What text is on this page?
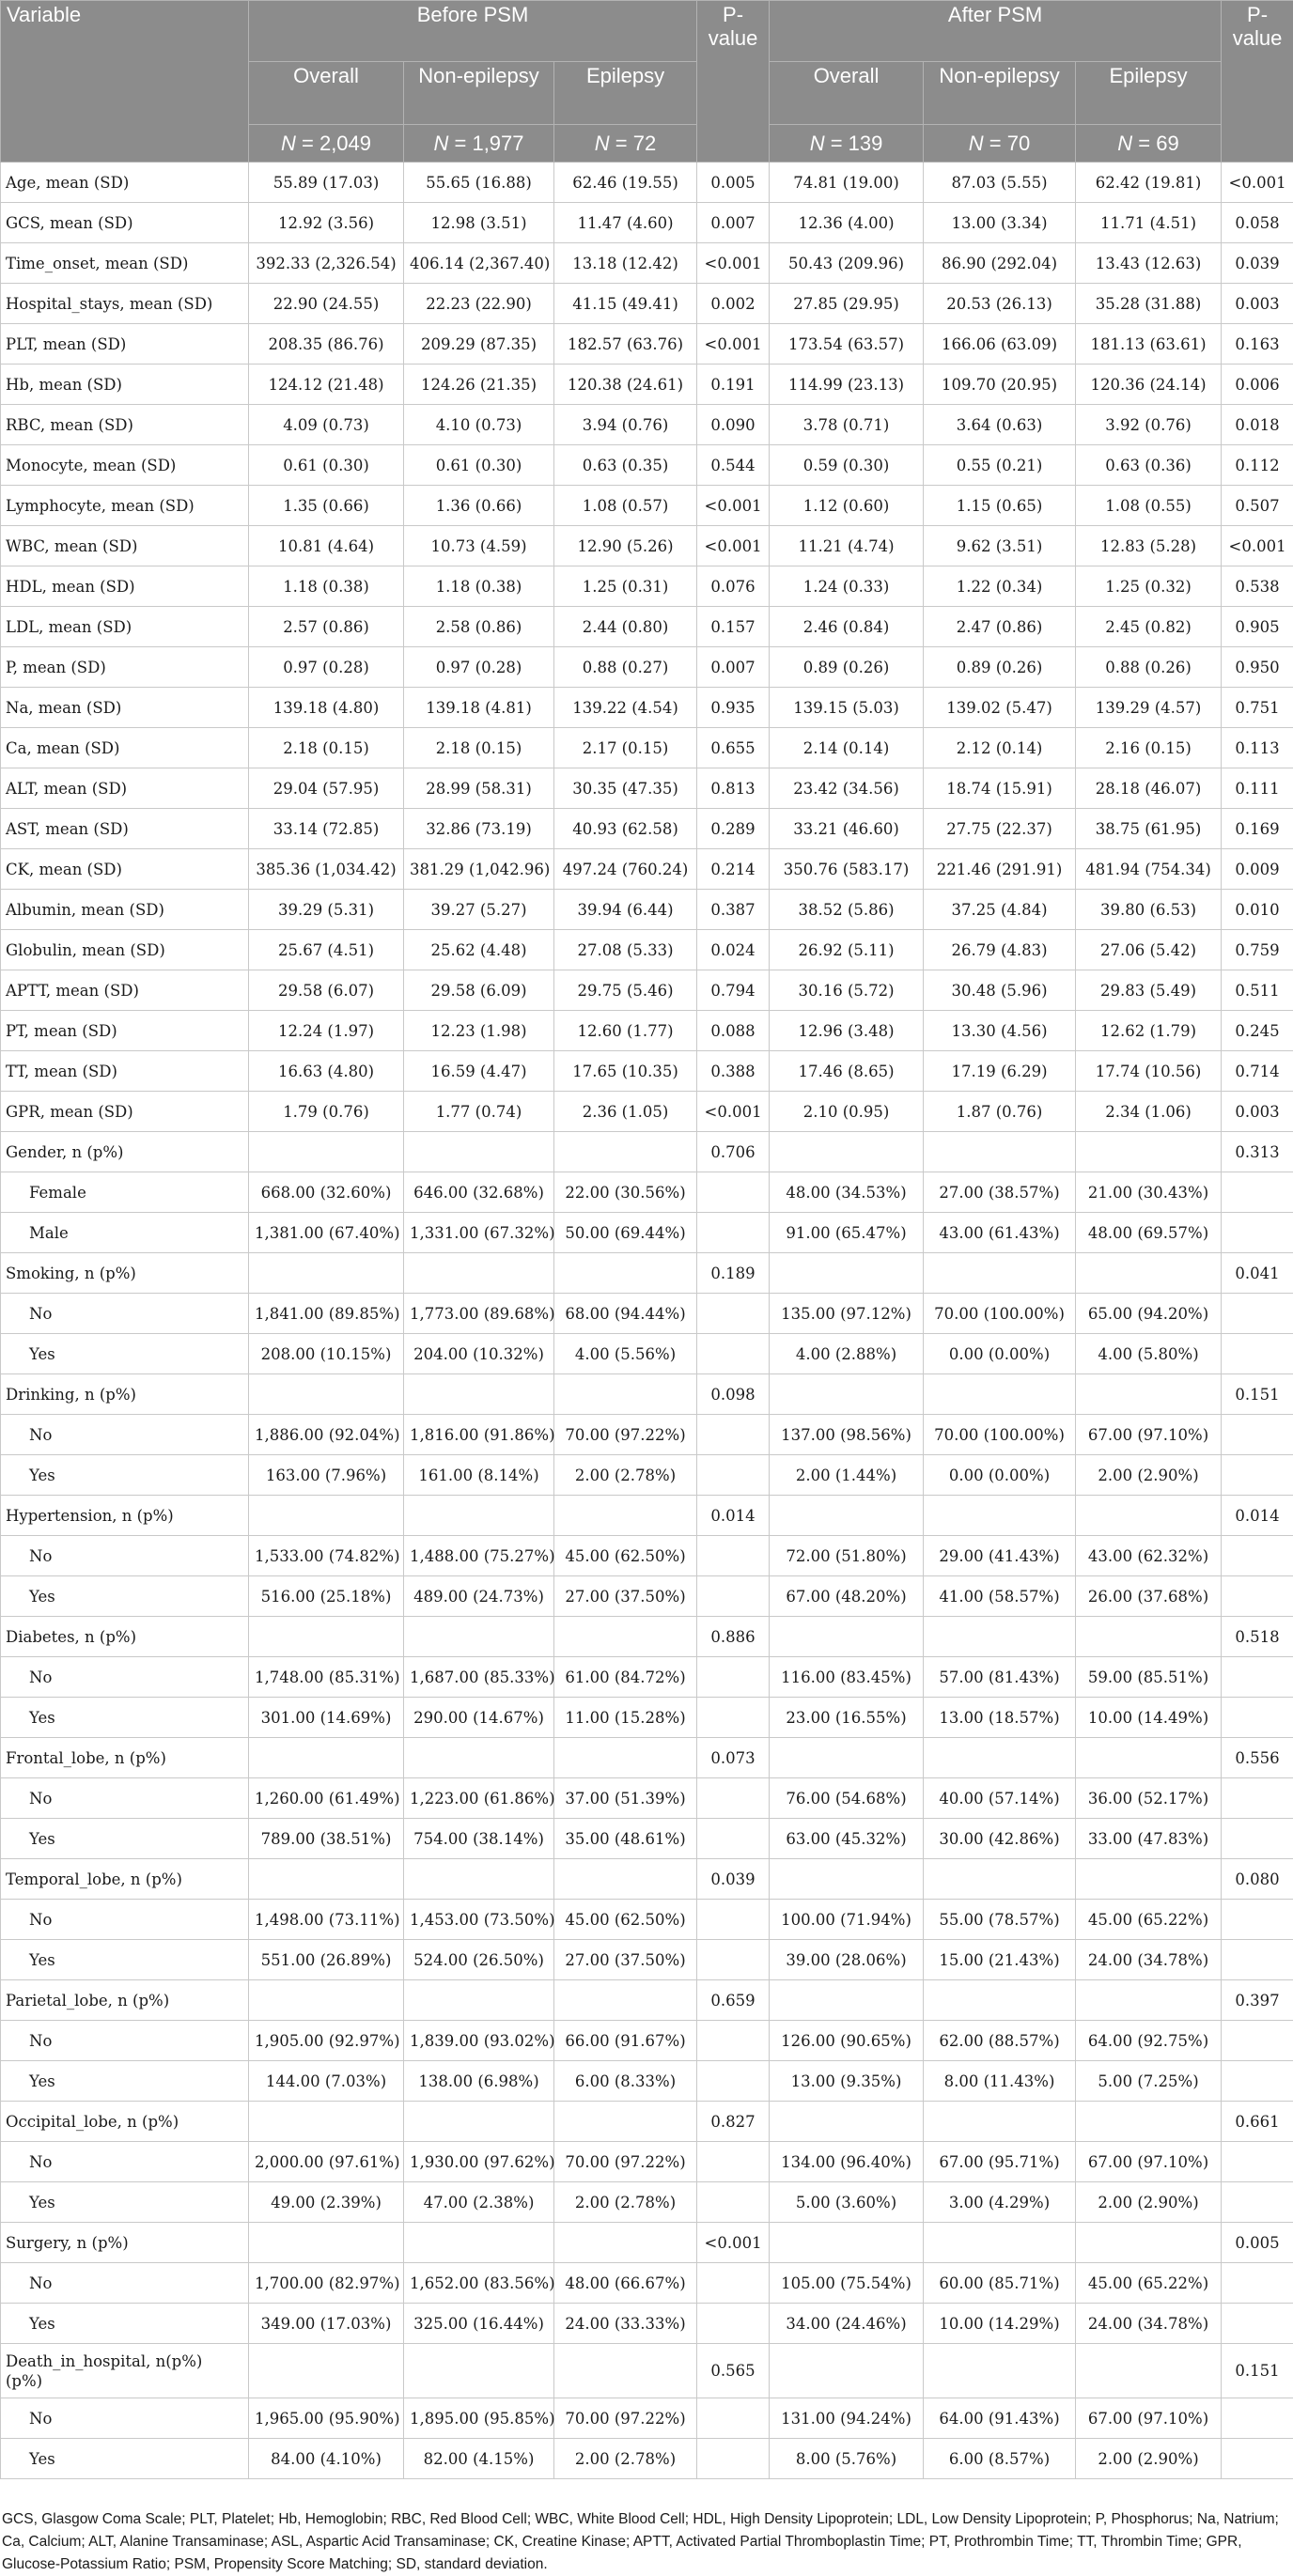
Variable	Before PSM			P-value	After PSM			P-value
	Overall	Non-epilepsy	Epilepsy		Overall	Non-epilepsy	Epilepsy	
	N = 2,049	N = 1,977	N = 72		N = 139	N = 70	N = 69	
Age, mean (SD)	55.89 (17.03)	55.65 (16.88)	62.46 (19.55)	0.005	74.81 (19.00)	87.03 (5.55)	62.42 (19.81)	<0.001
GCS, mean (SD)	12.92 (3.56)	12.98 (3.51)	11.47 (4.60)	0.007	12.36 (4.00)	13.00 (3.34)	11.71 (4.51)	0.058
Time_onset, mean (SD)	392.33 (2,326.54)	406.14 (2,367.40)	13.18 (12.42)	<0.001	50.43 (209.96)	86.90 (292.04)	13.43 (12.63)	0.039
Hospital_stays, mean (SD)	22.90 (24.55)	22.23 (22.90)	41.15 (49.41)	0.002	27.85 (29.95)	20.53 (26.13)	35.28 (31.88)	0.003
PLT, mean (SD)	208.35 (86.76)	209.29 (87.35)	182.57 (63.76)	<0.001	173.54 (63.57)	166.06 (63.09)	181.13 (63.61)	0.163
Hb, mean (SD)	124.12 (21.48)	124.26 (21.35)	120.38 (24.61)	0.191	114.99 (23.13)	109.70 (20.95)	120.36 (24.14)	0.006
RBC, mean (SD)	4.09 (0.73)	4.10 (0.73)	3.94 (0.76)	0.090	3.78 (0.71)	3.64 (0.63)	3.92 (0.76)	0.018
Monocyte, mean (SD)	0.61 (0.30)	0.61 (0.30)	0.63 (0.35)	0.544	0.59 (0.30)	0.55 (0.21)	0.63 (0.36)	0.112
Lymphocyte, mean (SD)	1.35 (0.66)	1.36 (0.66)	1.08 (0.57)	<0.001	1.12 (0.60)	1.15 (0.65)	1.08 (0.55)	0.507
WBC, mean (SD)	10.81 (4.64)	10.73 (4.59)	12.90 (5.26)	<0.001	11.21 (4.74)	9.62 (3.51)	12.83 (5.28)	<0.001
HDL, mean (SD)	1.18 (0.38)	1.18 (0.38)	1.25 (0.31)	0.076	1.24 (0.33)	1.22 (0.34)	1.25 (0.32)	0.538
LDL, mean (SD)	2.57 (0.86)	2.58 (0.86)	2.44 (0.80)	0.157	2.46 (0.84)	2.47 (0.86)	2.45 (0.82)	0.905
P, mean (SD)	0.97 (0.28)	0.97 (0.28)	0.88 (0.27)	0.007	0.89 (0.26)	0.89 (0.26)	0.88 (0.26)	0.950
Na, mean (SD)	139.18 (4.80)	139.18 (4.81)	139.22 (4.54)	0.935	139.15 (5.03)	139.02 (5.47)	139.29 (4.57)	0.751
Ca, mean (SD)	2.18 (0.15)	2.18 (0.15)	2.17 (0.15)	0.655	2.14 (0.14)	2.12 (0.14)	2.16 (0.15)	0.113
ALT, mean (SD)	29.04 (57.95)	28.99 (58.31)	30.35 (47.35)	0.813	23.42 (34.56)	18.74 (15.91)	28.18 (46.07)	0.111
AST, mean (SD)	33.14 (72.85)	32.86 (73.19)	40.93 (62.58)	0.289	33.21 (46.60)	27.75 (22.37)	38.75 (61.95)	0.169
CK, mean (SD)	385.36 (1,034.42)	381.29 (1,042.96)	497.24 (760.24)	0.214	350.76 (583.17)	221.46 (291.91)	481.94 (754.34)	0.009
Albumin, mean (SD)	39.29 (5.31)	39.27 (5.27)	39.94 (6.44)	0.387	38.52 (5.86)	37.25 (4.84)	39.80 (6.53)	0.010
Globulin, mean (SD)	25.67 (4.51)	25.62 (4.48)	27.08 (5.33)	0.024	26.92 (5.11)	26.79 (4.83)	27.06 (5.42)	0.759
APTT, mean (SD)	29.58 (6.07)	29.58 (6.09)	29.75 (5.46)	0.794	30.16 (5.72)	30.48 (5.96)	29.83 (5.49)	0.511
PT, mean (SD)	12.24 (1.97)	12.23 (1.98)	12.60 (1.77)	0.088	12.96 (3.48)	13.30 (4.56)	12.62 (1.79)	0.245
TT, mean (SD)	16.63 (4.80)	16.59 (4.47)	17.65 (10.35)	0.388	17.46 (8.65)	17.19 (6.29)	17.74 (10.56)	0.714
GPR, mean (SD)	1.79 (0.76)	1.77 (0.74)	2.36 (1.05)	<0.001	2.10 (0.95)	1.87 (0.76)	2.34 (1.06)	0.003
Gender, n (p%)				0.706				0.313
Female	668.00 (32.60%)	646.00 (32.68%)	22.00 (30.56%)		48.00 (34.53%)	27.00 (38.57%)	21.00 (30.43%)	
Male	1,381.00 (67.40%)	1,331.00 (67.32%)	50.00 (69.44%)		91.00 (65.47%)	43.00 (61.43%)	48.00 (69.57%)	
Smoking, n (p%)				0.189				0.041
No	1,841.00 (89.85%)	1,773.00 (89.68%)	68.00 (94.44%)		135.00 (97.12%)	70.00 (100.00%)	65.00 (94.20%)	
Yes	208.00 (10.15%)	204.00 (10.32%)	4.00 (5.56%)		4.00 (2.88%)	0.00 (0.00%)	4.00 (5.80%)	
Drinking, n (p%)				0.098				0.151
No	1,886.00 (92.04%)	1,816.00 (91.86%)	70.00 (97.22%)		137.00 (98.56%)	70.00 (100.00%)	67.00 (97.10%)	
Yes	163.00 (7.96%)	161.00 (8.14%)	2.00 (2.78%)		2.00 (1.44%)	0.00 (0.00%)	2.00 (2.90%)	
Hypertension, n (p%)				0.014				0.014
No	1,533.00 (74.82%)	1,488.00 (75.27%)	45.00 (62.50%)		72.00 (51.80%)	29.00 (41.43%)	43.00 (62.32%)	
Yes	516.00 (25.18%)	489.00 (24.73%)	27.00 (37.50%)		67.00 (48.20%)	41.00 (58.57%)	26.00 (37.68%)	
Diabetes, n (p%)				0.886				0.518
No	1,748.00 (85.31%)	1,687.00 (85.33%)	61.00 (84.72%)		116.00 (83.45%)	57.00 (81.43%)	59.00 (85.51%)	
Yes	301.00 (14.69%)	290.00 (14.67%)	11.00 (15.28%)		23.00 (16.55%)	13.00 (18.57%)	10.00 (14.49%)	
Frontal_lobe, n (p%)				0.073				0.556
No	1,260.00 (61.49%)	1,223.00 (61.86%)	37.00 (51.39%)		76.00 (54.68%)	40.00 (57.14%)	36.00 (52.17%)	
Yes	789.00 (38.51%)	754.00 (38.14%)	35.00 (48.61%)		63.00 (45.32%)	30.00 (42.86%)	33.00 (47.83%)	
Temporal_lobe, n (p%)				0.039				0.080
No	1,498.00 (73.11%)	1,453.00 (73.50%)	45.00 (62.50%)		100.00 (71.94%)	55.00 (78.57%)	45.00 (65.22%)	
Yes	551.00 (26.89%)	524.00 (26.50%)	27.00 (37.50%)		39.00 (28.06%)	15.00 (21.43%)	24.00 (34.78%)	
Parietal_lobe, n (p%)				0.659				0.397
No	1,905.00 (92.97%)	1,839.00 (93.02%)	66.00 (91.67%)		126.00 (90.65%)	62.00 (88.57%)	64.00 (92.75%)	
Yes	144.00 (7.03%)	138.00 (6.98%)	6.00 (8.33%)		13.00 (9.35%)	8.00 (11.43%)	5.00 (7.25%)	
Occipital_lobe, n (p%)				0.827				0.661
No	2,000.00 (97.61%)	1,930.00 (97.62%)	70.00 (97.22%)		134.00 (96.40%)	67.00 (95.71%)	67.00 (97.10%)	
Yes	49.00 (2.39%)	47.00 (2.38%)	2.00 (2.78%)		5.00 (3.60%)	3.00 (4.29%)	2.00 (2.90%)	
Surgery, n (p%)				<0.001				0.005
No	1,700.00 (82.97%)	1,652.00 (83.56%)	48.00 (66.67%)		105.00 (75.54%)	60.00 (85.71%)	45.00 (65.22%)	
Yes	349.00 (17.03%)	325.00 (16.44%)	24.00 (33.33%)		34.00 (24.46%)	10.00 (14.29%)	24.00 (34.78%)	
Death_in_hospital, n(p%) (p%)				0.565				0.151
No	1,965.00 (95.90%)	1,895.00 (95.85%)	70.00 (97.22%)		131.00 (94.24%)	64.00 (91.43%)	67.00 (97.10%)	
Yes	84.00 (4.10%)	82.00 (4.15%)	2.00 (2.78%)		8.00 (5.76%)	6.00 (8.57%)	2.00 (2.90%)	
GCS, Glasgow Coma Scale; PLT, Platelet; Hb, Hemoglobin; RBC, Red Blood Cell; WBC, White Blood Cell; HDL, High Density Lipoprotein; LDL, Low Density Lipoprotein; P, Phosphorus; Na, Natrium; Ca, Calcium; ALT, Alanine Transaminase; ASL, Aspartic Acid Transaminase; CK, Creatine Kinase; APTT, Activated Partial Thromboplastin Time; PT, Prothrombin Time; TT, Thrombin Time; GPR, Glucose-Potassium Ratio; PSM, Propensity Score Matching; SD, standard deviation.
